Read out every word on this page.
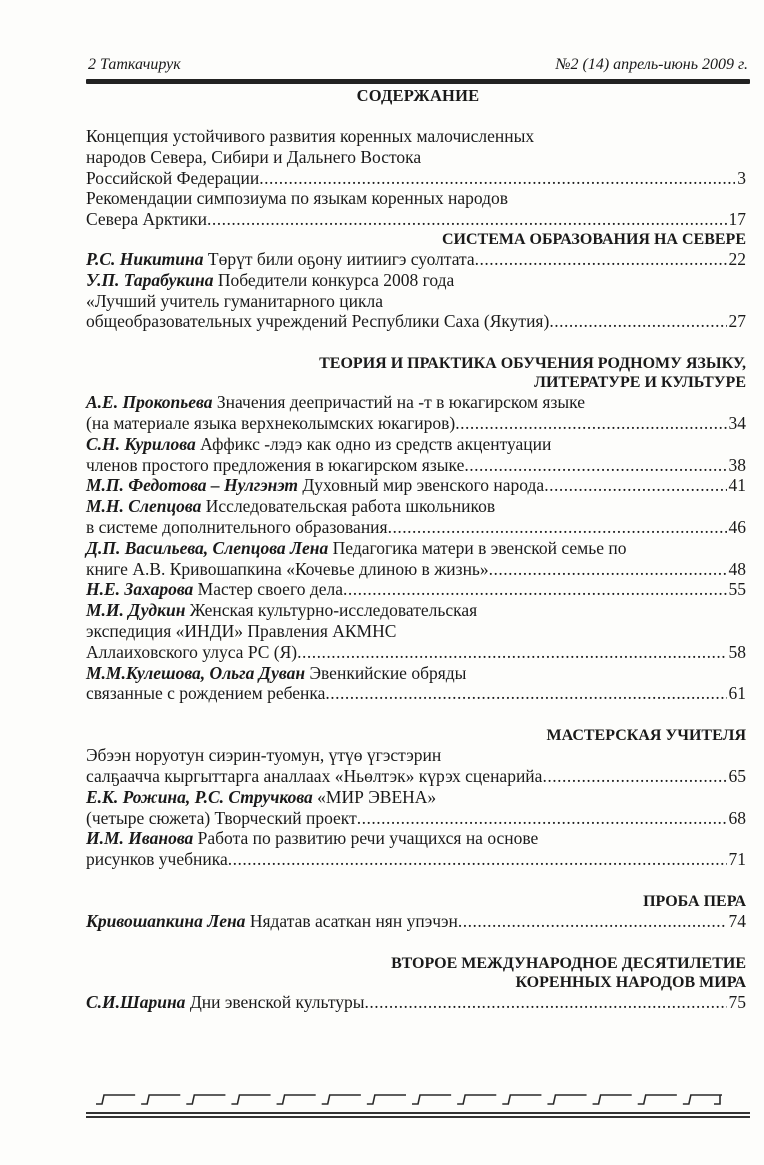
2 Таткачирук	№2 (14) апрель-июнь 2009 г.
СОДЕРЖАНИЕ
Концепция устойчивого развития коренных малочисленных
народов Севера, Сибири и Дальнего Востока
Российской Федерации .....	3
Рекомендации симпозиума по языкам коренных народов
Севера Арктики .....	17
СИСТЕМА ОБРАЗОВАНИЯ НА СЕВЕРЕ
Р.С. Никитина Төрүт били оҕону иитиигэ суолтата .....	22
У.П. Тарабукина Победители конкурса 2008 года
«Лучший учитель гуманитарного цикла
общеобразовательных учреждений Республики Саха (Якутия) .....	27
ТЕОРИЯ И ПРАКТИКА ОБУЧЕНИЯ РОДНОМУ ЯЗЫКУ,
ЛИТЕРАТУРЕ И КУЛЬТУРЕ
А.Е. Прокопьева Значения деепричастий на -т в юкагирском языке
(на материале языка верхнеколымских юкагиров) .....	34
С.Н. Курилова Аффикс -лэдэ как одно из средств акцентуации
членов простого предложения в юкагирском языке .....	38
М.П. Федотова – Нулгэнэт Духовный мир эвенского народа .....	41
М.Н. Слепцова Исследовательская работа школьников
в системе дополнительного образования .....	46
Д.П. Васильева, Слепцова Лена Педагогика матери в эвенской семье по
книге А.В. Кривошапкина «Кочевье длиною в жизнь» .....	48
Н.Е. Захарова Мастер своего дела .....	55
М.И. Дудкин Женская культурно-исследовательская
экспедиция «ИНДИ» Правления АКМНС
Аллаиховского улуса РС (Я) .....	58
М.М.Кулешова, Ольга Дуван Эвенкийские обряды
связанные с рождением ребенка .....	61
МАСТЕРСКАЯ УЧИТЕЛЯ
Эбээн норуотун сиэрин-туомун, үтүө үгэстэрин
салҕаачча кыргыттарга аналлаах «Ньөлтэк» күрэх сценарийа .....	65
Е.К. Рожина, Р.С. Стручкова «МИР ЭВЕНА»
(четыре сюжета) Творческий проект .....	68
И.М. Иванова Работа по развитию речи учащихся на основе
рисунков учебника .....	71
ПРОБА ПЕРА
Кривошапкина Лена Нядатав асаткан нян упэчэн .....	74
ВТОРОЕ МЕЖДУНАРОДНОЕ ДЕСЯТИЛЕТИЕ
КОРЕННЫХ НАРОДОВ МИРА
С.И.Шарина Дни эвенской культуры .....	75
